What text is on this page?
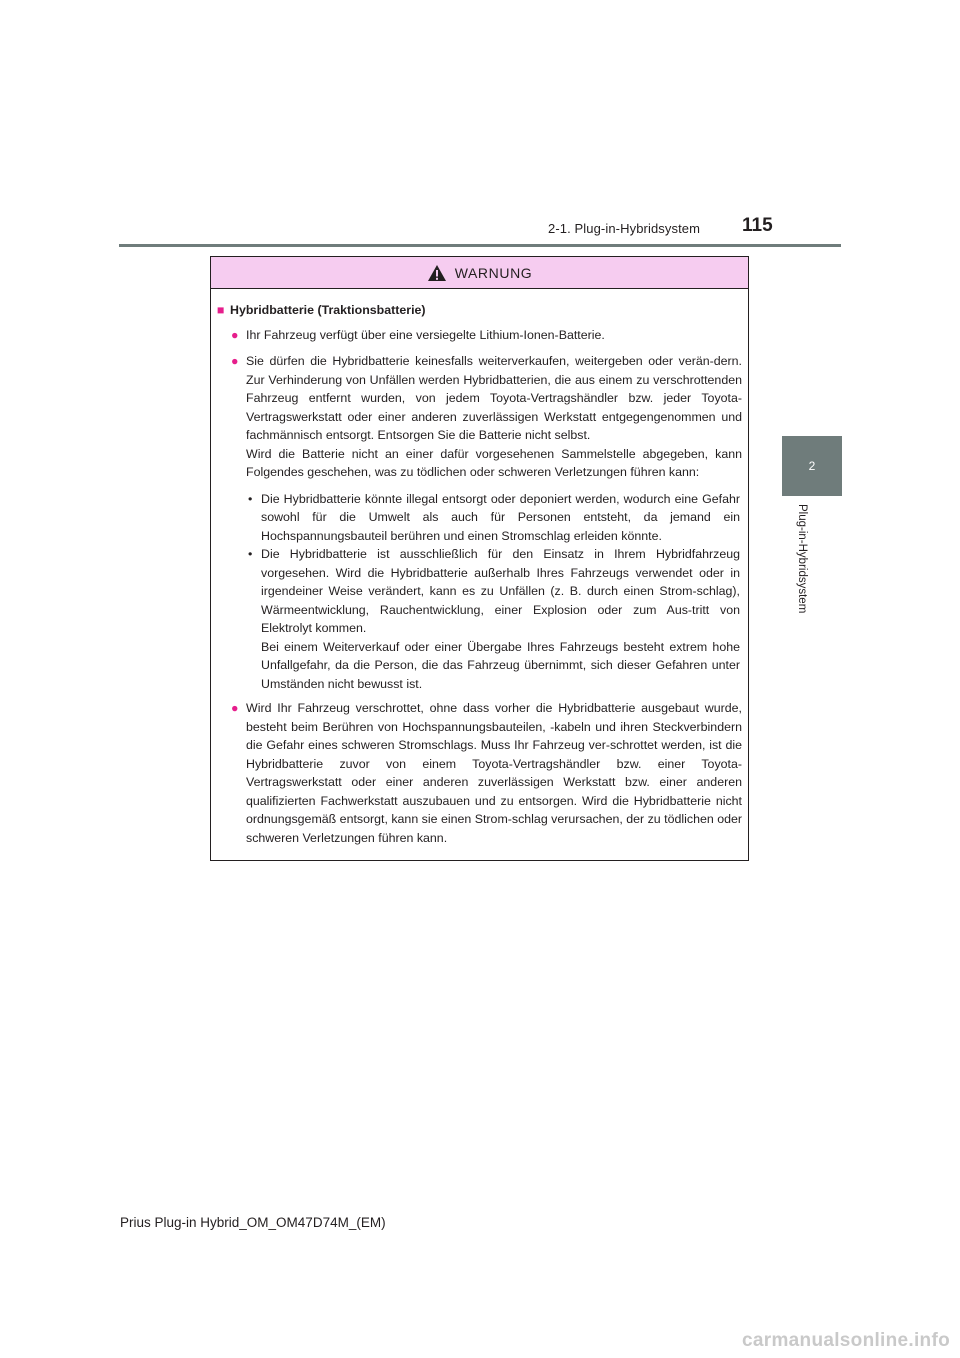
2-1. Plug-in-Hybridsystem 115
2
Plug-in-Hybridsystem
WARNUNG
■ Hybridbatterie (Traktionsbatterie)
● Ihr Fahrzeug verfügt über eine versiegelte Lithium-Ionen-Batterie.
● Sie dürfen die Hybridbatterie keinesfalls weiterverkaufen, weitergeben oder verän-dern. Zur Verhinderung von Unfällen werden Hybridbatterien, die aus einem zu verschrottenden Fahrzeug entfernt wurden, von jedem Toyota-Vertragshändler bzw. jeder Toyota-Vertragswerkstatt oder einer anderen zuverlässigen Werkstatt entgegengenommen und fachmännisch entsorgt. Entsorgen Sie die Batterie nicht selbst.
Wird die Batterie nicht an einer dafür vorgesehenen Sammelstelle abgegeben, kann Folgendes geschehen, was zu tödlichen oder schweren Verletzungen führen kann:
• Die Hybridbatterie könnte illegal entsorgt oder deponiert werden, wodurch eine Gefahr sowohl für die Umwelt als auch für Personen entsteht, da jemand ein Hochspannungsbauteil berühren und einen Stromschlag erleiden könnte.
• Die Hybridbatterie ist ausschließlich für den Einsatz in Ihrem Hybridfahrzeug vorgesehen. Wird die Hybridbatterie außerhalb Ihres Fahrzeugs verwendet oder in irgendeiner Weise verändert, kann es zu Unfällen (z. B. durch einen Strom-schlag), Wärmeentwicklung, Rauchentwicklung, einer Explosion oder zum Aus-tritt von Elektrolyt kommen.
Bei einem Weiterverkauf oder einer Übergabe Ihres Fahrzeugs besteht extrem hohe Unfallgefahr, da die Person, die das Fahrzeug übernimmt, sich dieser Gefahren unter Umständen nicht bewusst ist.
● Wird Ihr Fahrzeug verschrottet, ohne dass vorher die Hybridbatterie ausgebaut wurde, besteht beim Berühren von Hochspannungsbauteilen, -kabeln und ihren Steckverbindern die Gefahr eines schweren Stromschlags. Muss Ihr Fahrzeug ver-schrottet werden, ist die Hybridbatterie zuvor von einem Toyota-Vertragshändler bzw. einer Toyota-Vertragswerkstatt oder einer anderen zuverlässigen Werkstatt bzw. einer anderen qualifizierten Fachwerkstatt auszubauen und zu entsorgen. Wird die Hybridbatterie nicht ordnungsgemäß entsorgt, kann sie einen Strom-schlag verursachen, der zu tödlichen oder schweren Verletzungen führen kann.
Prius Plug-in Hybrid_OM_OM47D74M_(EM)
carmanualsonline.info
